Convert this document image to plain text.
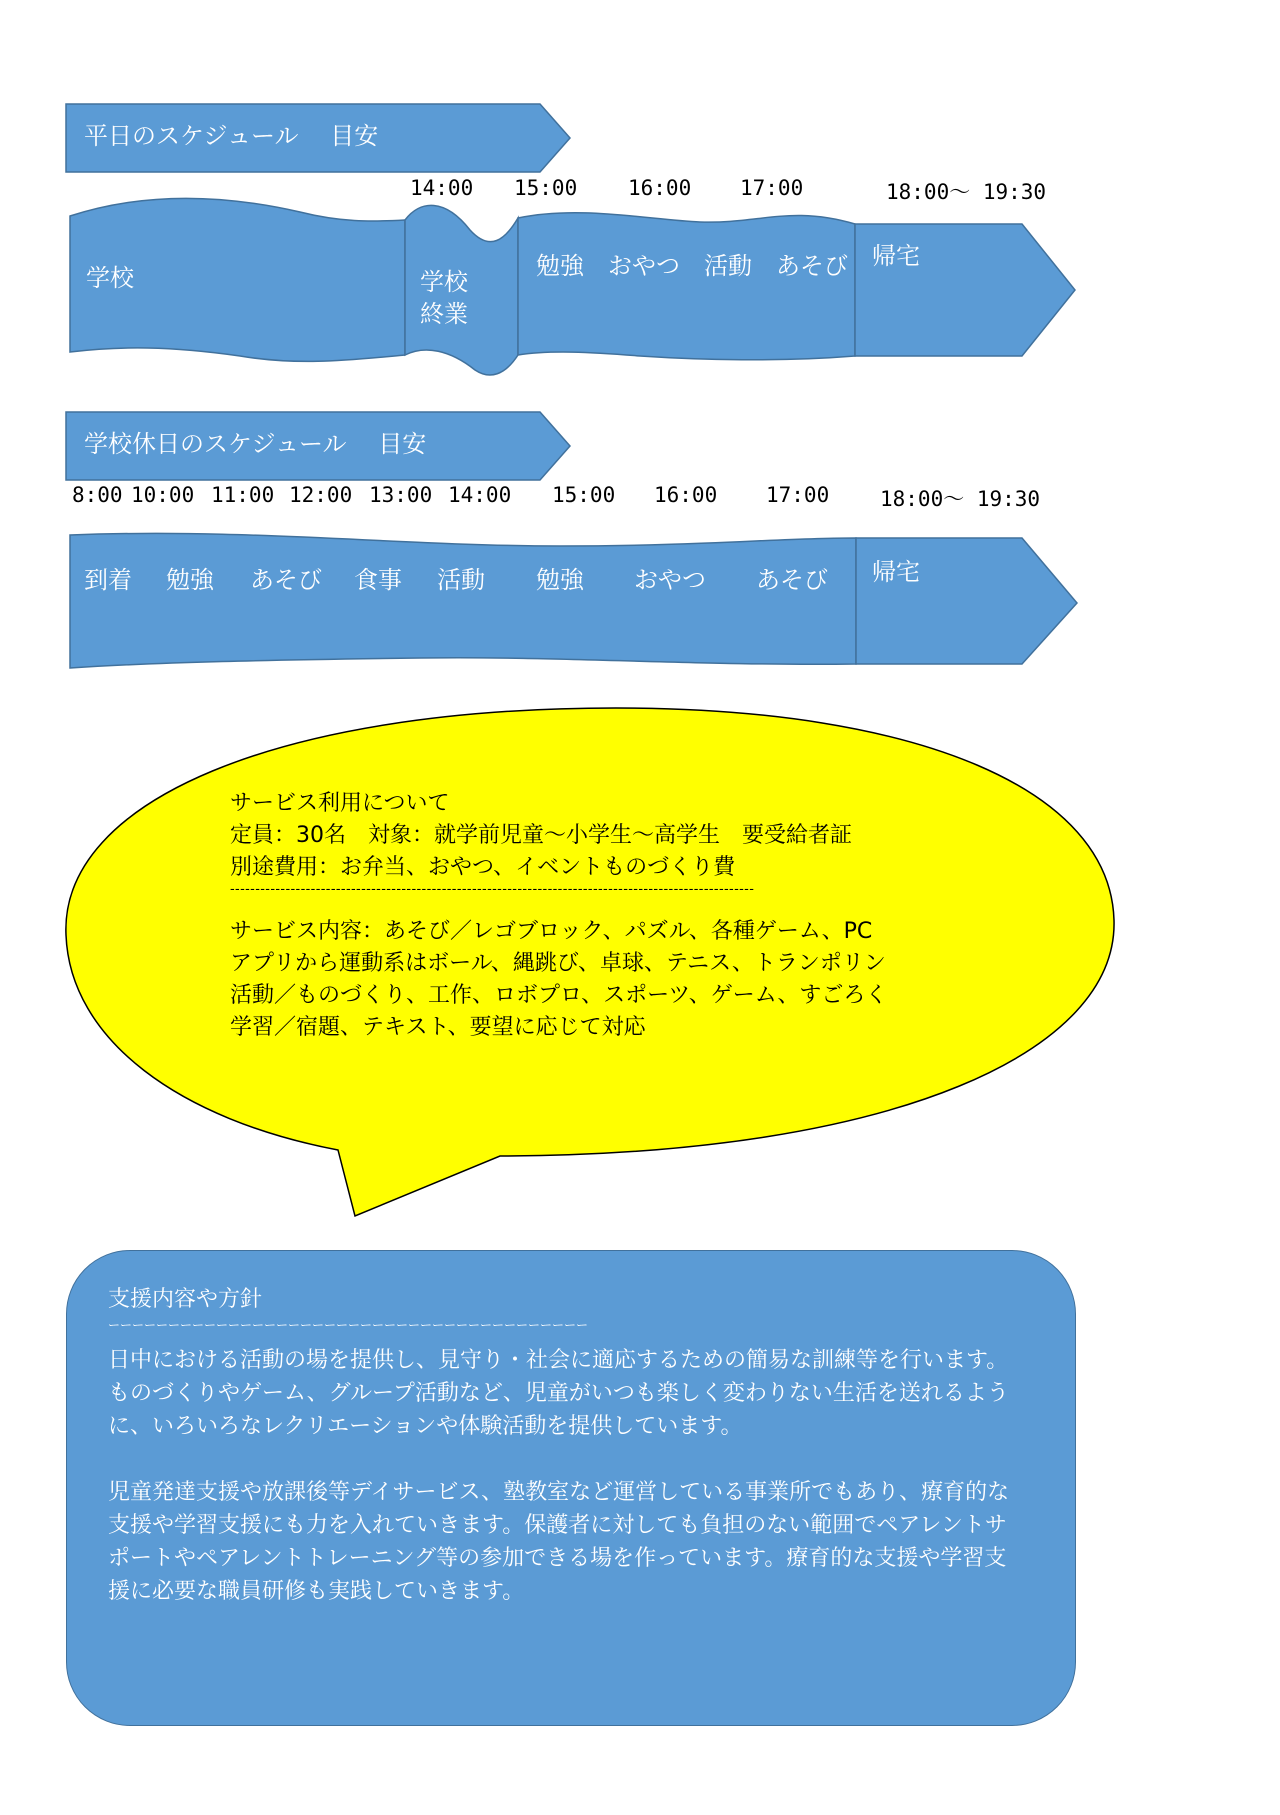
平日のスケジュール　 目安
14:00 15:00 16:00 17:00	18:00～ 19:30
学校	学校
終業
勉強　おやつ　活動　あそび 帰宅
学校休日のスケジュール　 目安
8:00 10:00 11:00 12:00 13:00 14:00 15:00 16:00 17:00 18:00～ 19:30
到着 勉強 あそび 食事 活動 勉強 おやつ あそび 帰宅
サービス利用について
定員：30名　対象：就学前児童～小学生～高学生　要受給者証
別途費用：お弁当、おやつ、イベントものづくり費
--------------------------------------------------------------------------------------------------------
サービス内容：あそび／レゴブロック、パズル、各種ゲーム、PC
アプリから運動系はボール、縄跳び、卓球、テニス、トランポリン
活動／ものづくり、工作、ロボプロ、スポーツ、ゲーム、すごろく
学習／宿題、テキスト、要望に応じて対応
支援内容や方針
ーーーーーーーーーーーーーーーーーーーーーーーーーーーーーーーーーーーーーーーー

日中における活動の場を提供し、見守り・社会に適応するための簡易な訓練等を行います。ものづくりやゲーム、グループ活動など、児童がいつも楽しく変わりない生活を送れるように、いろいろなレクリエーションや体験活動を提供しています。

児童発達支援や放課後等デイサービス、塾教室など運営している事業所でもあり、療育的な支援や学習支援にも力を入れていきます。保護者に対しても負担のない範囲でペアレントサポートやペアレントトレーニング等の参加できる場を作っています。療育的な支援や学習支援に必要な職員研修も実践していきます。
